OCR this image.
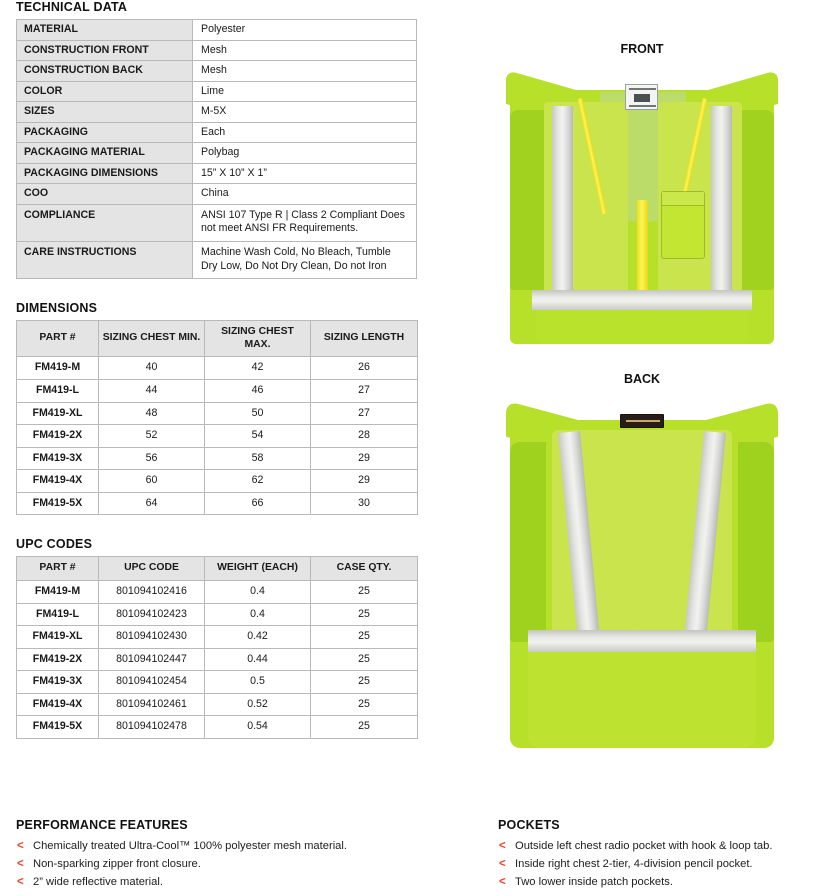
TECHNICAL DATA
MATERIAL	Polyester
CONSTRUCTION FRONT	Mesh
CONSTRUCTION BACK	Mesh
COLOR	Lime
SIZES	M-5X
PACKAGING	Each
PACKAGING MATERIAL	Polybag
PACKAGING DIMENSIONS	15” X 10” X 1”
COO	China
COMPLIANCE	ANSI 107 Type R | Class 2 Compliant Does not meet ANSI FR Requirements.
CARE INSTRUCTIONS	Machine Wash Cold, No Bleach, Tumble Dry Low, Do Not Dry Clean, Do not Iron
DIMENSIONS
PART #	SIZING CHEST MIN.	SIZING CHEST MAX.	SIZING LENGTH
FM419-M	40	42	26
FM419-L	44	46	27
FM419-XL	48	50	27
FM419-2X	52	54	28
FM419-3X	56	58	29
FM419-4X	60	62	29
FM419-5X	64	66	30
UPC CODES
PART #	UPC CODE	WEIGHT (EACH)	CASE QTY.
FM419-M	801094102416	0.4	25
FM419-L	801094102423	0.4	25
FM419-XL	801094102430	0.42	25
FM419-2X	801094102447	0.44	25
FM419-3X	801094102454	0.5	25
FM419-4X	801094102461	0.52	25
FM419-5X	801094102478	0.54	25
PERFORMANCE FEATURES
< Chemically treated Ultra-Cool™ 100% polyester mesh material.
< Non-sparking zipper front closure.
< 2” wide reflective material.
POCKETS
< Outside left chest radio pocket with hook & loop tab.
< Inside right chest 2-tier, 4-division pencil pocket.
< Two lower inside patch pockets.
FRONT
BACK
